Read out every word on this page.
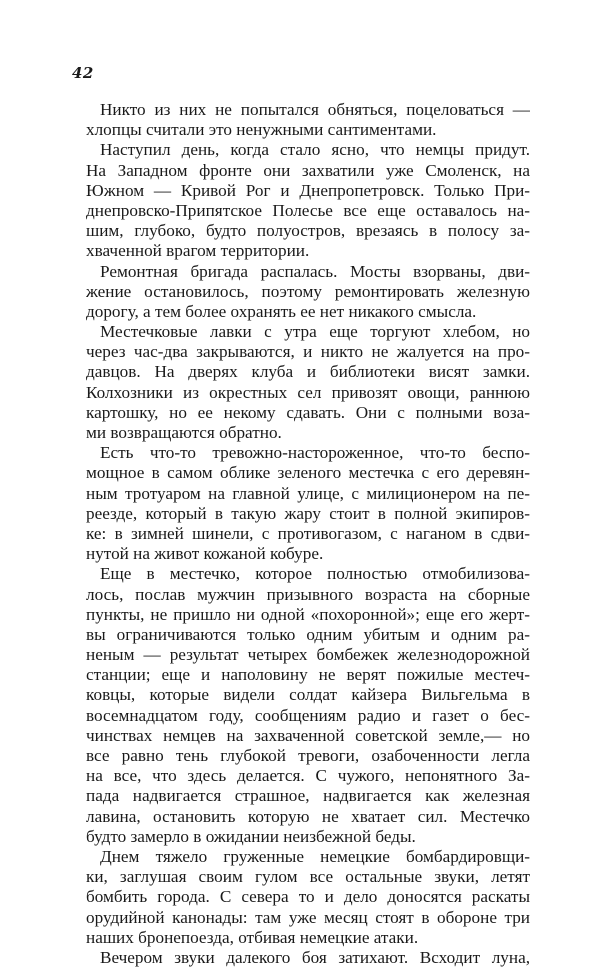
42
Никто из них не попытался обняться, поцеловаться —
хлопцы считали это ненужными сантиментами.
Наступил день, когда стало ясно, что немцы придут.
На Западном фронте они захватили уже Смоленск, на
Южном — Кривой Рог и Днепропетровск. Только При-
днепровско-Припятское Полесье все еще оставалось на-
шим, глубоко, будто полуостров, врезаясь в полосу за-
хваченной врагом территории.
Ремонтная бригада распалась. Мосты взорваны, дви-
жение остановилось, поэтому ремонтировать железную
дорогу, а тем более охранять ее нет никакого смысла.
Местечковые лавки с утра еще торгуют хлебом, но
через час-два закрываются, и никто не жалуется на про-
давцов. На дверях клуба и библиотеки висят замки.
Колхозники из окрестных сел привозят овощи, раннюю
картошку, но ее некому сдавать. Они с полными воза-
ми возвращаются обратно.
Есть что-то тревожно-настороженное, что-то беспо-
мощное в самом облике зеленого местечка с его деревян-
ным тротуаром на главной улице, с милиционером на пе-
реезде, который в такую жару стоит в полной экипиров-
ке: в зимней шинели, с противогазом, с наганом в сдви-
нутой на живот кожаной кобуре.
Еще в местечко, которое полностью отмобилизова-
лось, послав мужчин призывного возраста на сборные
пункты, не пришло ни одной «похоронной»; еще его жерт-
вы ограничиваются только одним убитым и одним ра-
неным — результат четырех бомбежек железнодорожной
станции; еще и наполовину не верят пожилые местеч-
ковцы, которые видели солдат кайзера Вильгельма в
восемнадцатом году, сообщениям радио и газет о бес-
чинствах немцев на захваченной советской земле,— но
все равно тень глубокой тревоги, озабоченности легла
на все, что здесь делается. С чужого, непонятного За-
пада надвигается страшное, надвигается как железная
лавина, остановить которую не хватает сил. Местечко
будто замерло в ожидании неизбежной беды.
Днем тяжело груженные немецкие бомбардировщи-
ки, заглушая своим гулом все остальные звуки, летят
бомбить города. С севера то и дело доносятся раскаты
орудийной канонады: там уже месяц стоят в обороне три
наших бронепоезда, отбивая немецкие атаки.
Вечером звуки далекого боя затихают. Всходит луна,
